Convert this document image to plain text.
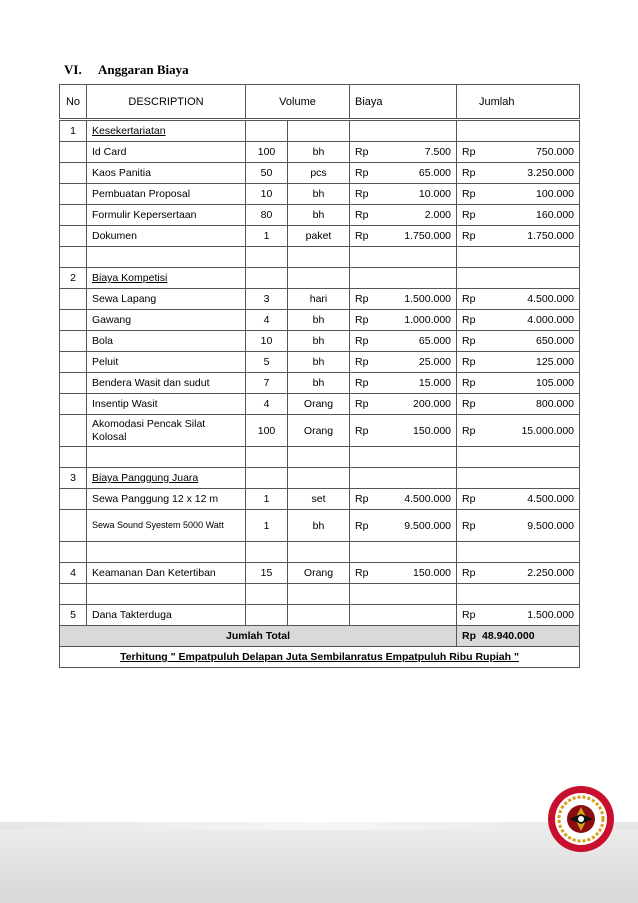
VI. Anggaran Biaya
No	DESCRIPTION	Volume		Biaya	Jumlah
1	Kesekertariatan				
	Id Card	100	bh	Rp 7.500	Rp 750.000

	Kaos Panitia	50	pcs	Rp 65.000	Rp 3.250.000

	Pembuatan Proposal	10	bh	Rp 10.000	Rp 100.000

	Formulir Kepersertaan	80	bh	Rp 2.000	Rp 160.000

	Dokumen	1	paket	Rp 1.750.000	Rp 1.750.000

2	Biaya Kompetisi				
	Sewa Lapang	3	hari	Rp 1.500.000	Rp 4.500.000

	Gawang	4	bh	Rp 1.000.000	Rp 4.000.000

	Bola	10	bh	Rp 65.000	Rp 650.000

	Peluit	5	bh	Rp 25.000	Rp 125.000

	Bendera Wasit dan sudut	7	bh	Rp 15.000	Rp 105.000

	Insentip Wasit	4	Orang	Rp 200.000	Rp 800.000

	Akomodasi Pencak Silat Kolosal	100	Orang	Rp 150.000	Rp 15.000.000

3	Biaya Panggung Juara				
	Sewa Panggung 12 x 12 m	1	set	Rp 4.500.000	Rp 4.500.000

	Sewa Sound Syestem 5000 Watt	1	bh	Rp 9.500.000	Rp 9.500.000

4	Keamanan Dan Ketertiban	15	Orang	Rp 150.000	Rp 2.250.000

5	Dana Takterduga				Rp 1.500.000

Jumlah Total					Rp 48.940.000
Terhitung " Empatpuluh Delapan Juta Sembilanratus Empatpuluh Ribu Rupiah "					
